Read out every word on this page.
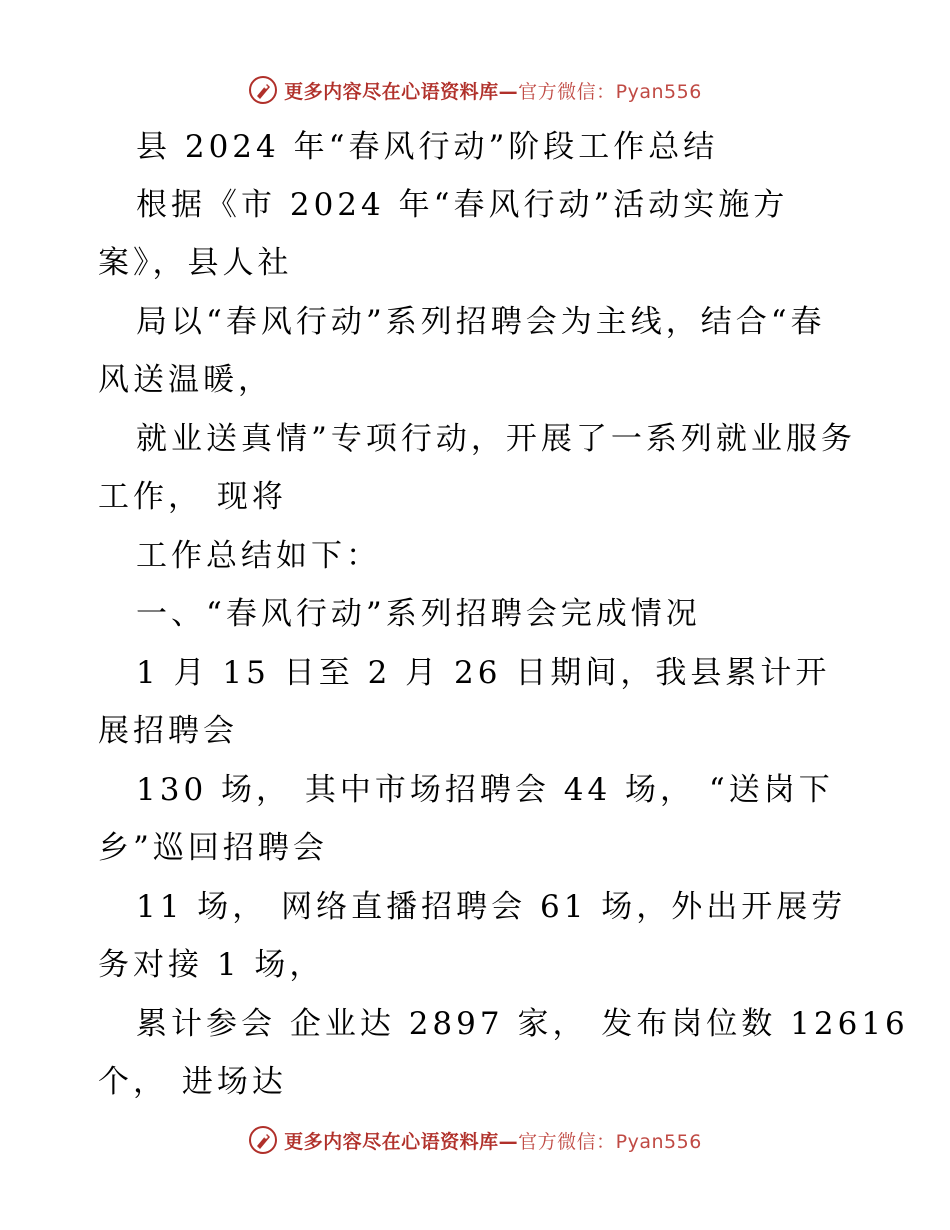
更多内容尽在心语资料库—官方微信：Pyan556
县 2024 年“春风行动”阶段工作总结
根据《市 2024 年“春风行动”活动实施方
案》，县人社
局以“春风行动”系列招聘会为主线，结合“春
风送温暖，
就业送真情”专项行动，开展了一系列就业服务
工作， 现将
工作总结如下：
一、“春风行动”系列招聘会完成情况
1 月 15 日至 2 月 26 日期间，我县累计开
展招聘会
130 场， 其中市场招聘会 44 场， “送岗下
乡”巡回招聘会
11 场， 网络直播招聘会 61 场，外出开展劳
务对接 1 场，
累计参会 企业达 2897 家， 发布岗位数 12616
个， 进场达
更多内容尽在心语资料库—官方微信：Pyan556
